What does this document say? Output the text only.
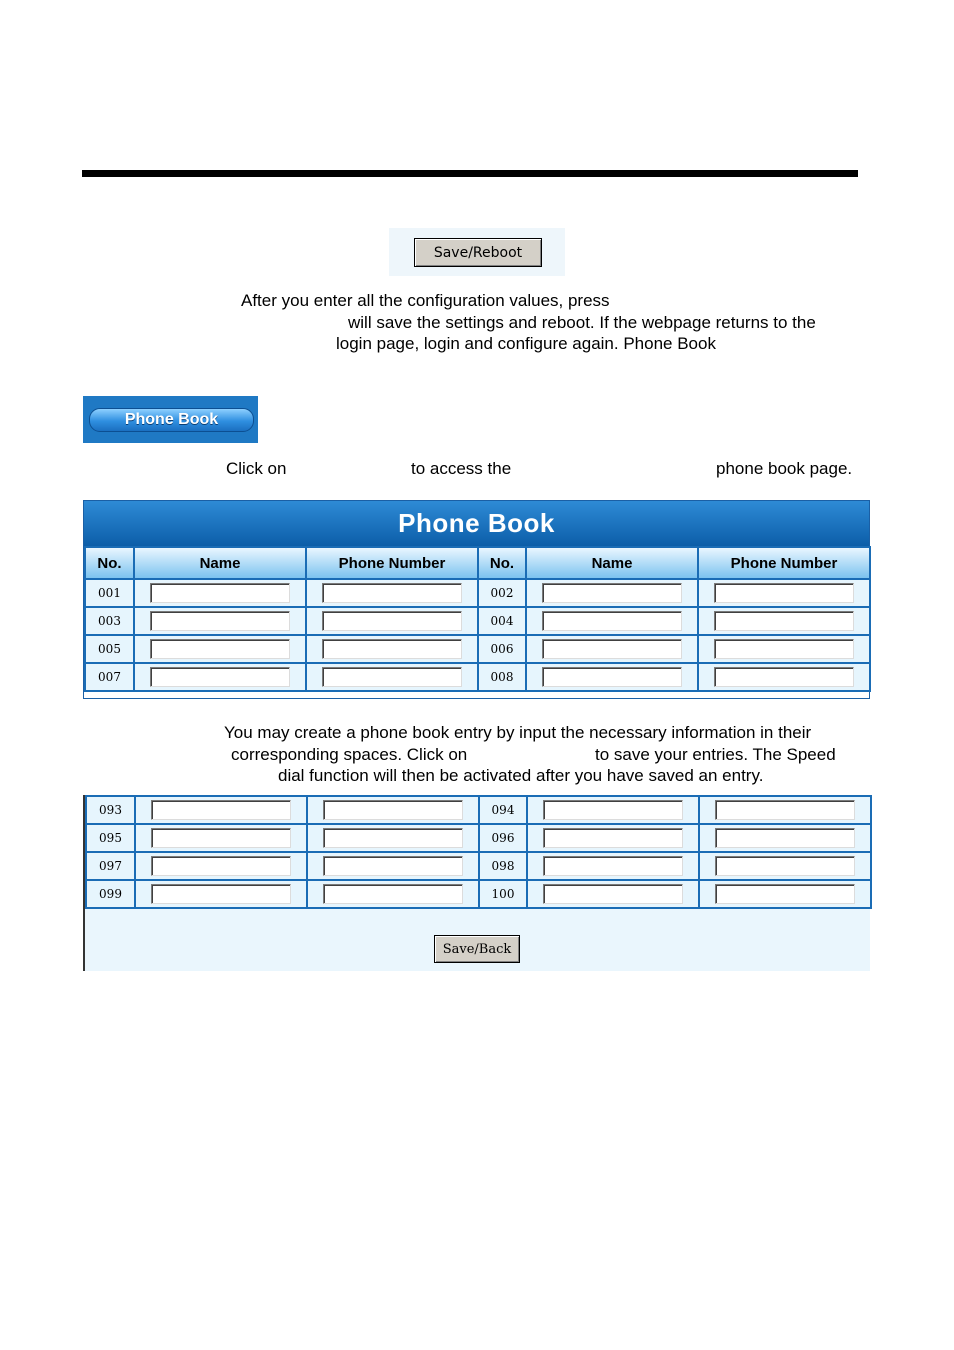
Save/Reboot
After you enter all the configuration values, press
will save the settings and reboot. If the webpage returns to the
login page, login and configure again. Phone Book
Phone Book
Click on	to access the	phone book page.
Phone Book
No.	Name	Phone Number	No.	Name	Phone Number
001			002	

003			004	

005			006	

007			008	

You may create a phone book entry by input the necessary information in their
corresponding spaces. Click on	to save your entries. The Speed
dial function will then be activated after you have saved an entry.
093			094	

095			096	

097			098	

099			100	

Save/Back
